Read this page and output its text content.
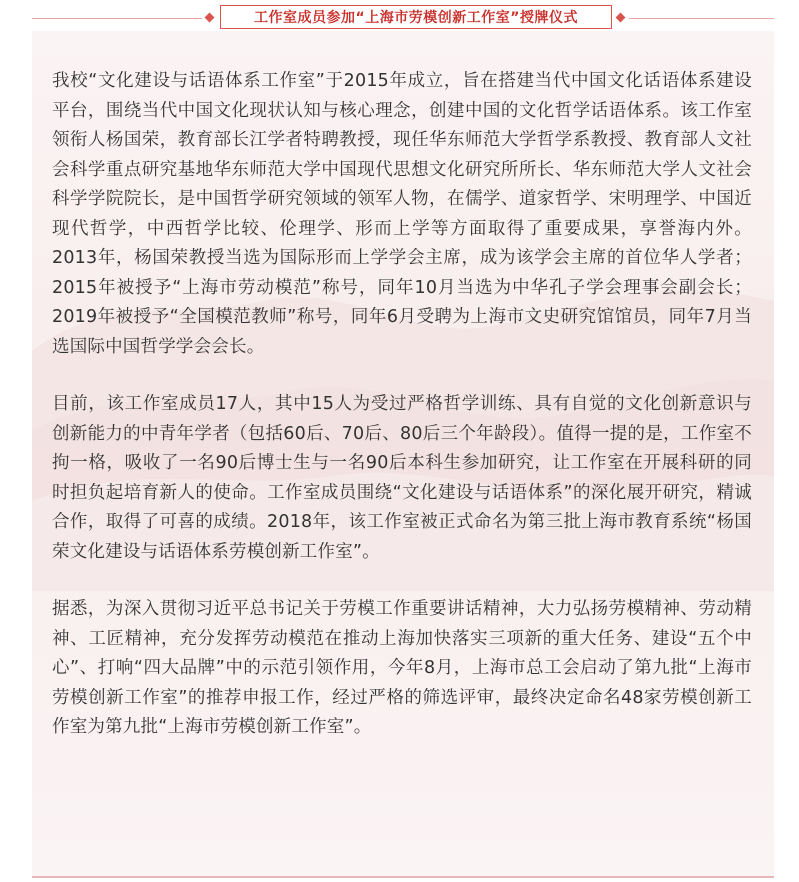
工作室成员参加“上海市劳模创新工作室”授牌仪式

我校“文化建设与话语体系工作室”于2015年成立，旨在搭建当代中国文化话语体系建设平台，围绕当代中国文化现状认知与核心理念，创建中国的文化哲学话语体系。该工作室领衔人杨国荣，教育部长江学者特聘教授，现任华东师范大学哲学系教授、教育部人文社会科学重点研究基地华东师范大学中国现代思想文化研究所所长、华东师范大学人文社会科学学院院长，是中国哲学研究领域的领军人物，在儒学、道家哲学、宋明理学、中国近现代哲学，中西哲学比较、伦理学、形而上学等方面取得了重要成果，享誉海内外。2013年，杨国荣教授当选为国际形而上学学会主席，成为该学会主席的首位华人学者；2015年被授予“上海市劳动模范”称号，同年10月当选为中华孔子学会理事会副会长；2019年被授予“全国模范教师”称号，同年6月受聘为上海市文史研究馆馆员，同年7月当选国际中国哲学学会会长。

目前，该工作室成员17人，其中15人为受过严格哲学训练、具有自觉的文化创新意识与创新能力的中青年学者（包括60后、70后、80后三个年龄段）。值得一提的是，工作室不拘一格，吸收了一名90后博士生与一名90后本科生参加研究，让工作室在开展科研的同时担负起培育新人的使命。工作室成员围绕“文化建设与话语体系”的深化展开研究，精诚合作，取得了可喜的成绩。2018年，该工作室被正式命名为第三批上海市教育系统“杨国荣文化建设与话语体系劳模创新工作室”。

据悉，为深入贯彻习近平总书记关于劳模工作重要讲话精神，大力弘扬劳模精神、劳动精神、工匠精神，充分发挥劳动模范在推动上海加快落实三项新的重大任务、建设“五个中心”、打响“四大品牌”中的示范引领作用，今年8月，上海市总工会启动了第九批“上海市劳模创新工作室”的推荐申报工作，经过严格的筛选评审，最终决定命名48家劳模创新工作室为第九批“上海市劳模创新工作室”。
